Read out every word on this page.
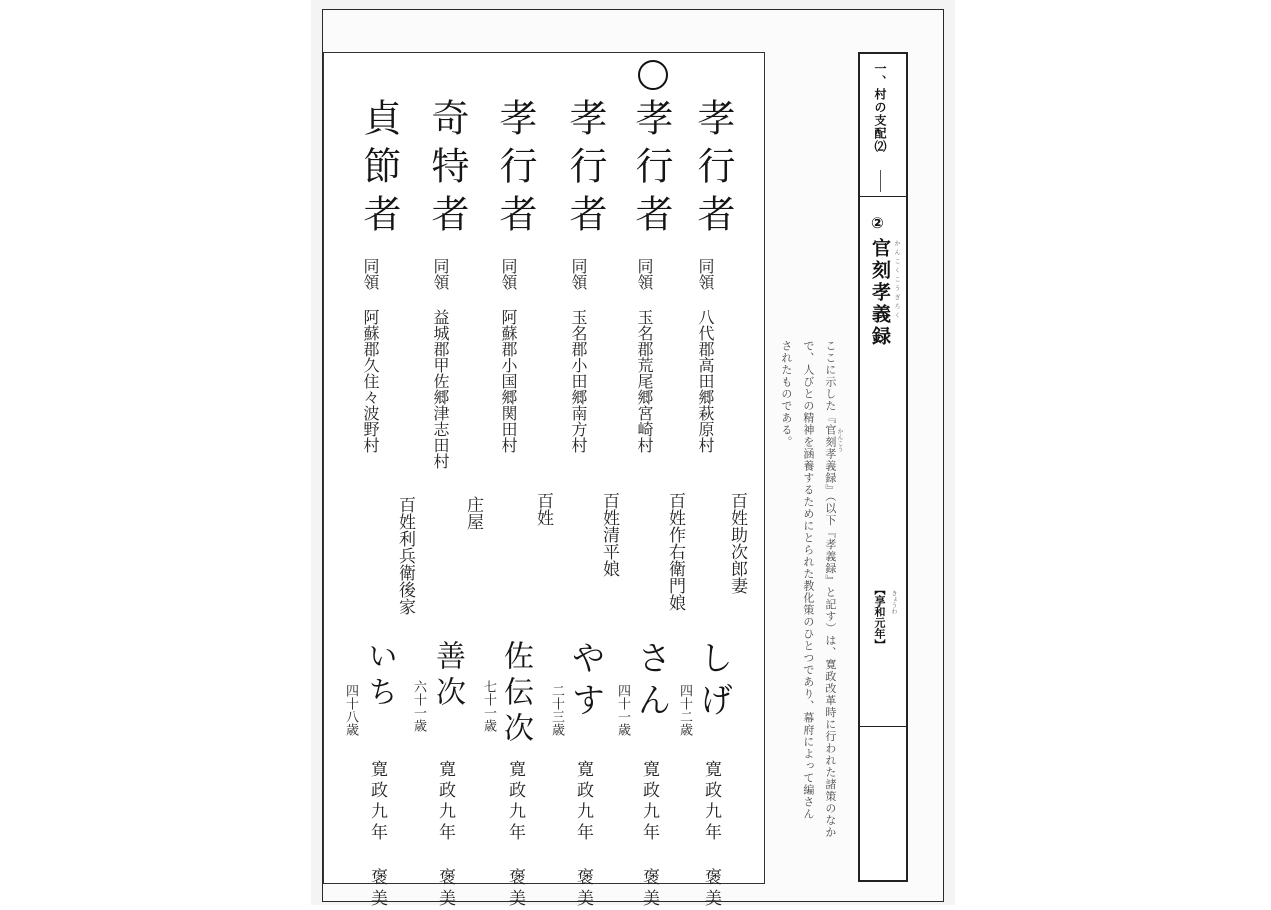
孝行者
同領 八代郡高田郷萩原村
百姓助次郎妻
しげ
四十二歳
寛政九年 褒美
孝行者
同領 玉名郡荒尾郷宮崎村
百姓作右衛門娘
さん
四十一歳
寛政九年 褒美
孝行者
同領 玉名郡小田郷南方村
百姓清平娘
やす
二十三歳
寛政九年 褒美
孝行者
同領 阿蘇郡小国郷関田村
百姓
佐伝次
七十一歳
寛政九年 褒美
奇特者
同領 益城郡甲佐郷津志田村
庄屋
善次
六十一歳
寛政九年 褒美
貞節者
同領 阿蘇郡久住々波野村
百姓利兵衛後家
いち
四十八歳
寛政九年 褒美	ここに示した『官刻孝義録』（以下『孝義録』と記す）は、寛政改革時に行われた諸策のなか
で、人びとの精神を涵養するためにとられた教化策のひとつであり、幕府によって編さん
されたものである。	かんこう
一、村の支配⑵
②
官刻孝義録 かんこくこうぎろく
【享和元年】 きょうわ
